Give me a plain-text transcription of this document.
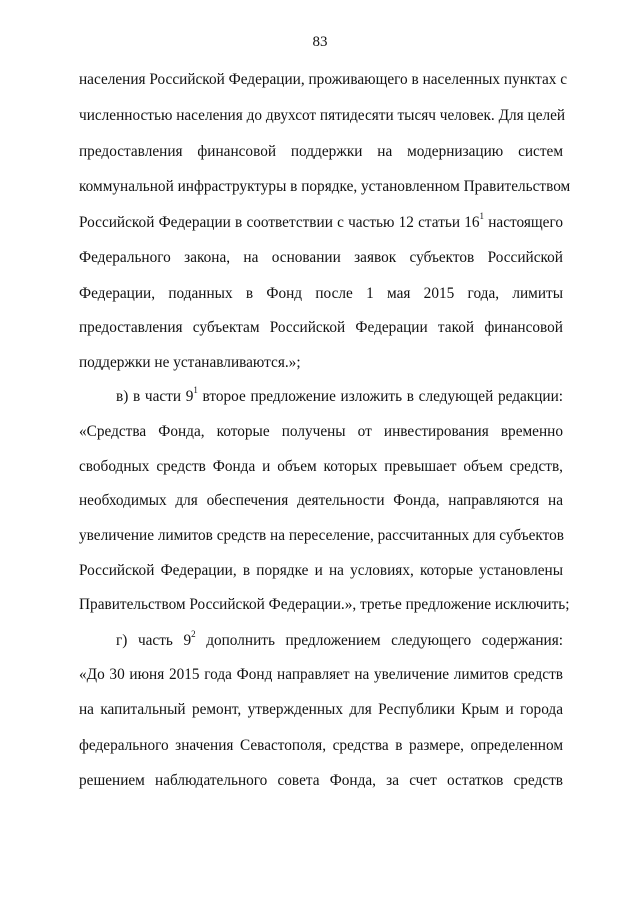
83
населения Российской Федерации, проживающего в населенных пунктах с
численностью населения до двухсот пятидесяти тысяч человек. Для целей
предоставления финансовой поддержки на модернизацию систем
коммунальной инфраструктуры в порядке, установленном Правительством
Российской Федерации в соответствии с частью 12 статьи $16^1$ настоящего
Федерального закона, на основании заявок субъектов Российской
Федерации, поданных в Фонд после 1 мая 2015 года, лимиты
предоставления субъектам Российской Федерации такой финансовой
поддержки не устанавливаются.»;
в) в части $9^1$ второе предложение изложить в следующей редакции:
«Средства Фонда, которые получены от инвестирования временно
свободных средств Фонда и объем которых превышает объем средств,
необходимых для обеспечения деятельности Фонда, направляются на
увеличение лимитов средств на переселение, рассчитанных для субъектов
Российской Федерации, в порядке и на условиях, которые установлены
Правительством Российской Федерации.», третье предложение исключить;
г) часть $9^2$ дополнить предложением следующего содержания:
«До 30 июня 2015 года Фонд направляет на увеличение лимитов средств
на капитальный ремонт, утвержденных для Республики Крым и города
федерального значения Севастополя, средства в размере, определенном
решением наблюдательного совета Фонда, за счет остатков средств
